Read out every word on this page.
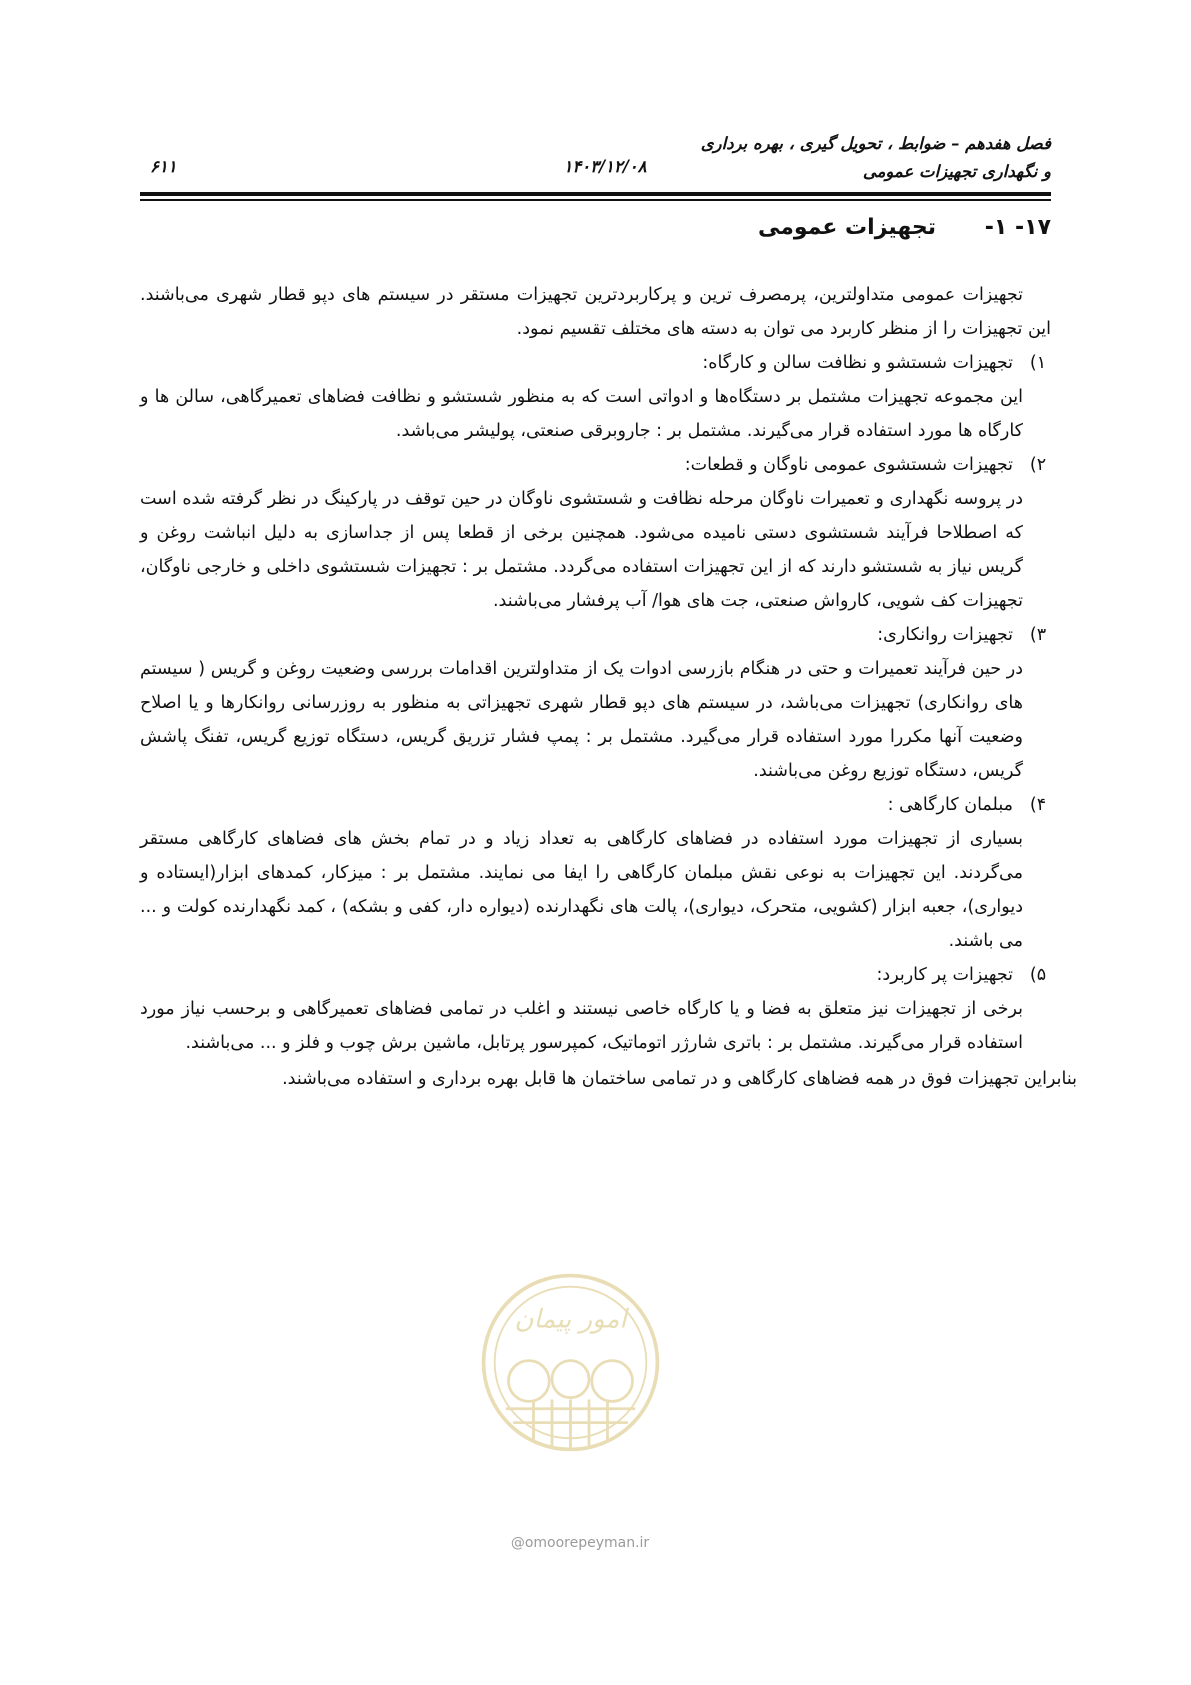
فصل هفدهم – ضوابط ، تحویل گیری ، بهره برداری
و نگهداری تجهیزات عمومی
۱۴۰۳/۱۲/۰۸
۶۱۱
۱۷- ۱-
تجهیزات عمومی

تجهیزات عمومی متداولترین، پرمصرف ترین و پرکاربردترین تجهیزات مستقر در سیستم های دپو قطار شهری می‌باشند. این تجهیزات را از منظر کاربرد می توان به دسته های مختلف تقسیم نمود.

۱)
تجهیزات شستشو و نظافت سالن و کارگاه:

این مجموعه تجهیزات مشتمل بر دستگاه‌ها و ادواتی است که به منظور شستشو و نظافت فضاهای تعمیرگاهی، سالن ها و کارگاه ها مورد استفاده قرار می‌گیرند. مشتمل بر : جاروبرقی صنعتی، پولیشر می‌باشد.

۲)
تجهیزات شستشوی عمومی ناوگان و قطعات:

در پروسه نگهداری و تعمیرات ناوگان مرحله نظافت و شستشوی ناوگان در حین توقف در پارکینگ در نظر گرفته شده است که اصطلاحا فرآیند شستشوی دستی نامیده می‌شود. همچنین برخی از قطعا پس از جداسازی به دلیل انباشت روغن و گریس نیاز به شستشو دارند که از این تجهیزات استفاده می‌گردد. مشتمل بر : تجهیزات شستشوی داخلی و خارجی ناوگان، تجهیزات کف شویی، کارواش صنعتی، جت های هوا/ آب پرفشار می‌باشند.

۳)
تجهیزات روانکاری:

در حین فرآیند تعمیرات و حتی در هنگام بازرسی ادوات یک از متداولترین اقدامات بررسی وضعیت روغن و گریس ( سیستم های روانکاری) تجهیزات می‌باشد، در سیستم های دپو قطار شهری تجهیزاتی به منظور به روزرسانی روانکارها و یا اصلاح وضعیت آنها مکررا مورد استفاده قرار می‌گیرد. مشتمل بر : پمپ فشار تزریق گریس، دستگاه توزیع گریس، تفنگ پاشش گریس، دستگاه توزیع روغن می‌باشند.

۴)
مبلمان کارگاهی :

بسیاری از تجهیزات مورد استفاده در فضاهای کارگاهی به تعداد زیاد و در تمام بخش های فضاهای کارگاهی مستقر می‌گردند. این تجهیزات به نوعی نقش مبلمان کارگاهی را ایفا می نمایند. مشتمل بر : میزکار، کمدهای ابزار(ایستاده و دیواری)، جعبه ابزار (کشویی، متحرک، دیواری)، پالت های نگهدارنده (دیواره دار، کفی و بشکه) ، کمد نگهدارنده کولت و ... می باشند.

۵)
تجهیزات پر کاربرد:

برخی از تجهیزات نیز متعلق به فضا و یا کارگاه خاصی نیستند و اغلب در تمامی فضاهای تعمیرگاهی و برحسب نیاز مورد استفاده قرار می‌گیرند. مشتمل بر : باتری شارژر اتوماتیک، کمپرسور پرتابل، ماشین برش چوب و فلز و ... می‌باشند.

بنابراین تجهیزات فوق در همه فضاهای کارگاهی و در تمامی ساختمان ها قابل بهره برداری و استفاده می‌باشند.

امور پیمان
@omoorepeyman.ir
